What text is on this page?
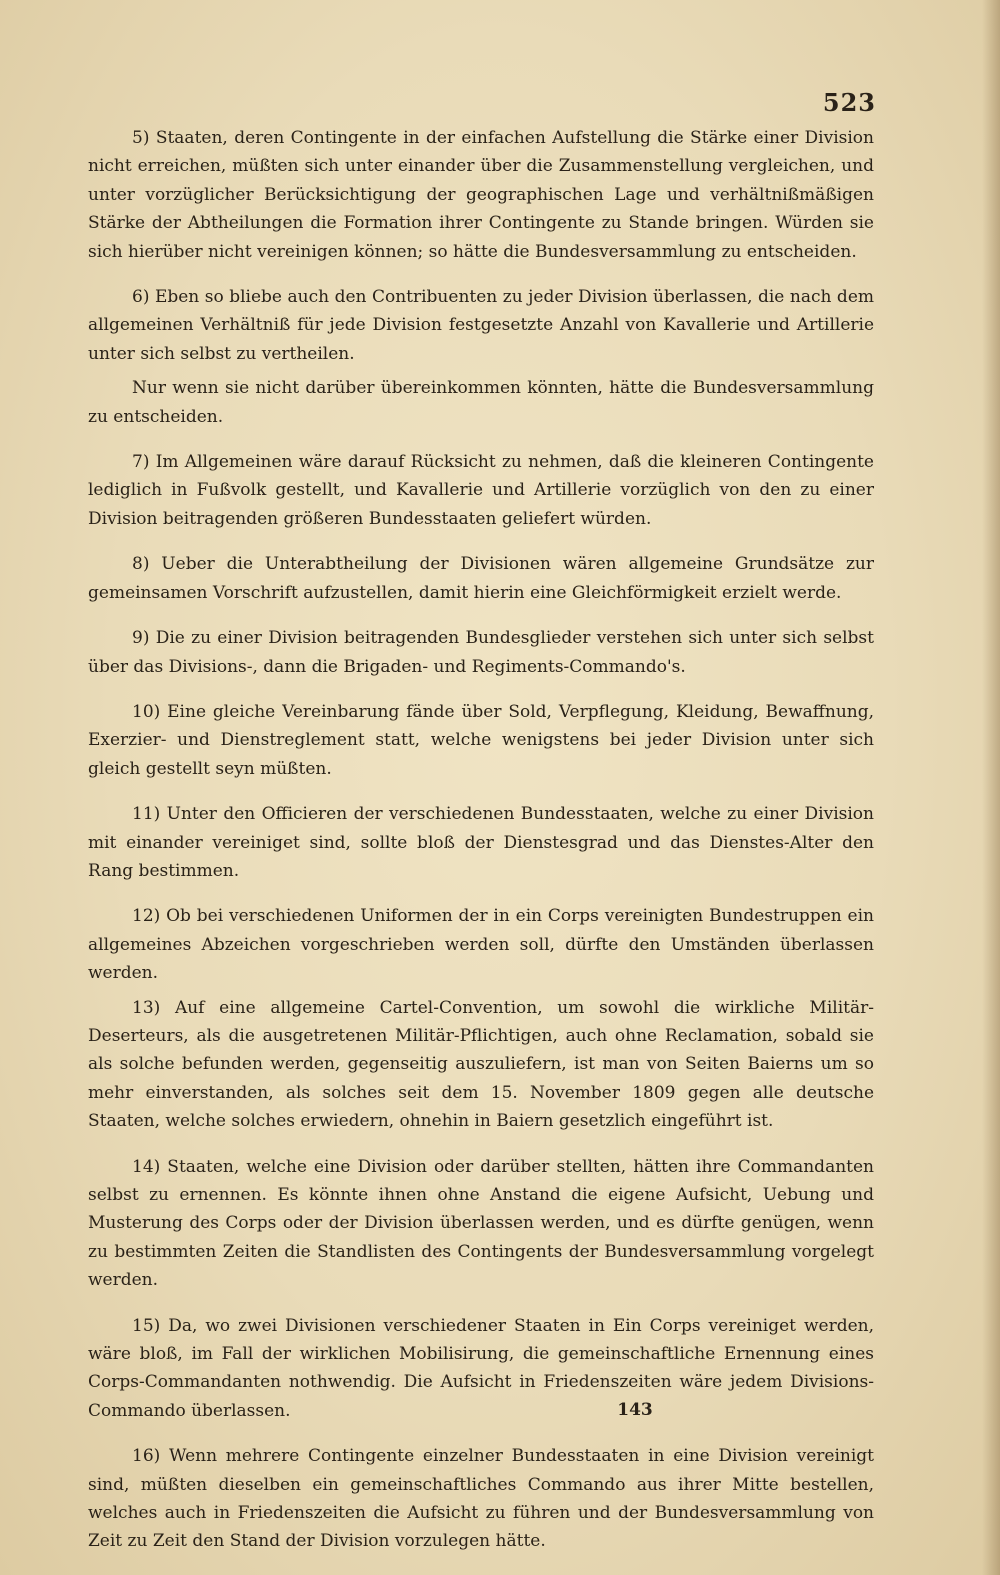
523

5) Staaten, deren Contingente in der einfachen Aufstellung die Stärke einer Division nicht erreichen, müßten sich unter einander über die Zusammenstellung vergleichen, und unter vorzüglicher Berücksichtigung der geographischen Lage und verhältnißmäßigen Stärke der Abtheilungen die Formation ihrer Contingente zu Stande bringen. Würden sie sich hierüber nicht vereinigen können; so hätte die Bundesversammlung zu entscheiden.

6) Eben so bliebe auch den Contribuenten zu jeder Division überlassen, die nach dem allgemeinen Verhältniß für jede Division festgesetzte Anzahl von Kavallerie und Artillerie unter sich selbst zu vertheilen.

Nur wenn sie nicht darüber übereinkommen könnten, hätte die Bundesversammlung zu entscheiden.

7) Im Allgemeinen wäre darauf Rücksicht zu nehmen, daß die kleineren Contingente lediglich in Fußvolk gestellt, und Kavallerie und Artillerie vorzüglich von den zu einer Division beitragenden größeren Bundesstaaten geliefert würden.

8) Ueber die Unterabtheilung der Divisionen wären allgemeine Grundsätze zur gemeinsamen Vorschrift aufzustellen, damit hierin eine Gleichförmigkeit erzielt werde.

9) Die zu einer Division beitragenden Bundesglieder verstehen sich unter sich selbst über das Divisions-, dann die Brigaden- und Regiments-Commando's.

10) Eine gleiche Vereinbarung fände über Sold, Verpflegung, Kleidung, Bewaffnung, Exerzier- und Dienstreglement statt, welche wenigstens bei jeder Division unter sich gleich gestellt seyn müßten.

11) Unter den Officieren der verschiedenen Bundesstaaten, welche zu einer Division mit einander vereiniget sind, sollte bloß der Dienstesgrad und das Dienstes-Alter den Rang bestimmen.

12) Ob bei verschiedenen Uniformen der in ein Corps vereinigten Bundestruppen ein allgemeines Abzeichen vorgeschrieben werden soll, dürfte den Umständen überlassen werden.

13) Auf eine allgemeine Cartel-Convention, um sowohl die wirkliche Militär-Deserteurs, als die ausgetretenen Militär-Pflichtigen, auch ohne Reclamation, sobald sie als solche befunden werden, gegenseitig auszuliefern, ist man von Seiten Baierns um so mehr einverstanden, als solches seit dem 15. November 1809 gegen alle deutsche Staaten, welche solches erwiedern, ohnehin in Baiern gesetzlich eingeführt ist.

14) Staaten, welche eine Division oder darüber stellten, hätten ihre Commandanten selbst zu ernennen. Es könnte ihnen ohne Anstand die eigene Aufsicht, Uebung und Musterung des Corps oder der Division überlassen werden, und es dürfte genügen, wenn zu bestimmten Zeiten die Standlisten des Contingents der Bundesversammlung vorgelegt werden.

15) Da, wo zwei Divisionen verschiedener Staaten in Ein Corps vereiniget werden, wäre bloß, im Fall der wirklichen Mobilisirung, die gemeinschaftliche Ernennung eines Corps-Commandanten nothwendig. Die Aufsicht in Friedenszeiten wäre jedem Divisions-Commando überlassen.

16) Wenn mehrere Contingente einzelner Bundesstaaten in eine Division vereinigt sind, müßten dieselben ein gemeinschaftliches Commando aus ihrer Mitte bestellen, welches auch in Friedenszeiten die Aufsicht zu führen und der Bundesversammlung von Zeit zu Zeit den Stand der Division vorzulegen hätte.

143
